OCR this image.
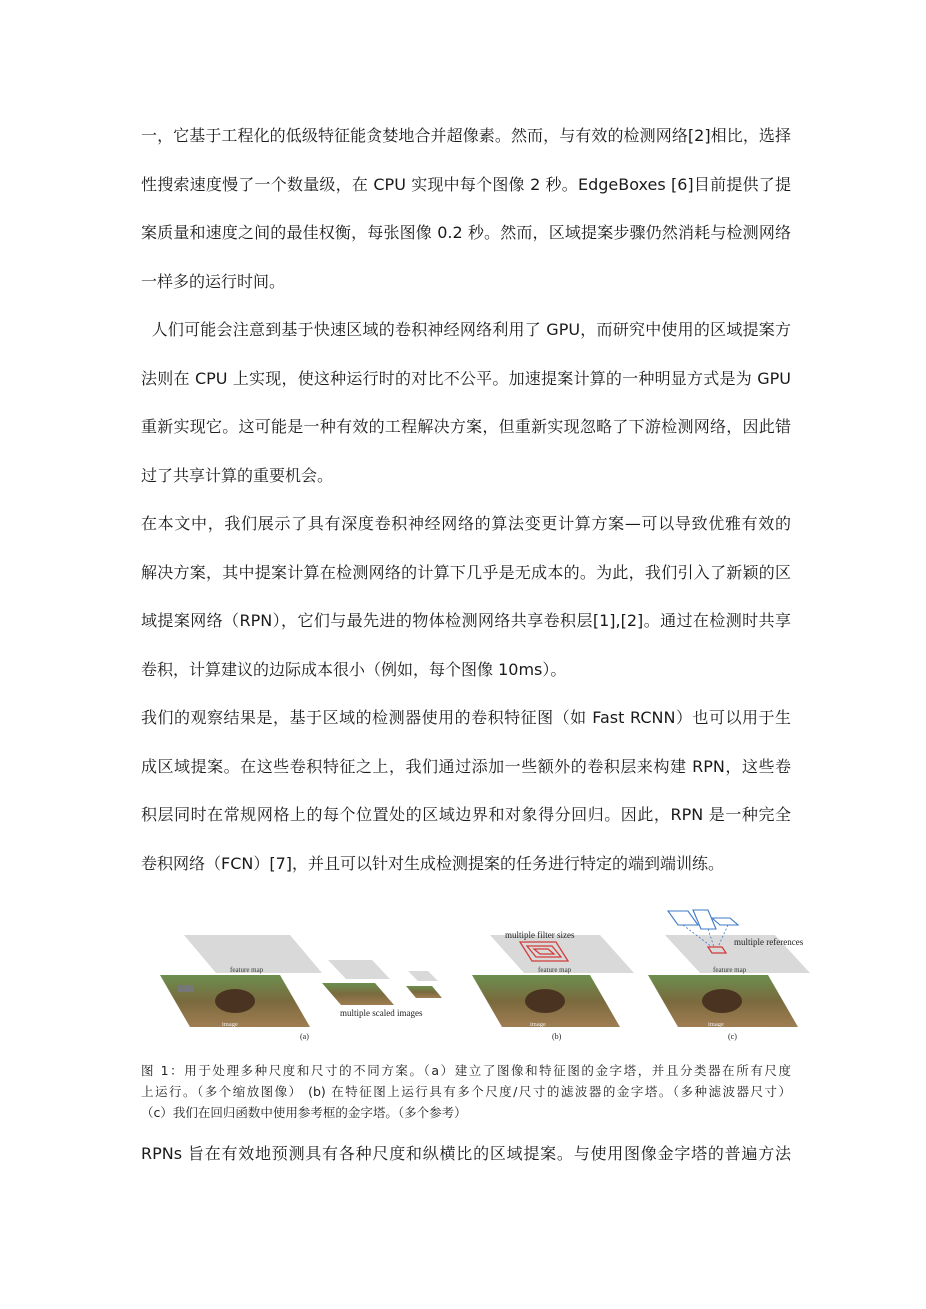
一，它基于工程化的低级特征能贪婪地合并超像素。然而，与有效的检测网络[2]相比，选择
性搜索速度慢了一个数量级，在 CPU 实现中每个图像 2 秒。EdgeBoxes [6]目前提供了提
案质量和速度之间的最佳权衡，每张图像 0.2 秒。然而，区域提案步骤仍然消耗与检测网络
一样多的运行时间。
人们可能会注意到基于快速区域的卷积神经网络利用了 GPU，而研究中使用的区域提案方
法则在 CPU 上实现，使这种运行时的对比不公平。加速提案计算的一种明显方式是为 GPU
重新实现它。这可能是一种有效的工程解决方案，但重新实现忽略了下游检测网络，因此错
过了共享计算的重要机会。
在本文中，我们展示了具有深度卷积神经网络的算法变更计算方案—可以导致优雅有效的
解决方案，其中提案计算在检测网络的计算下几乎是无成本的。为此，我们引入了新颖的区
域提案网络（RPN），它们与最先进的物体检测网络共享卷积层[1],[2]。通过在检测时共享
卷积，计算建议的边际成本很小（例如，每个图像 10ms）。
我们的观察结果是，基于区域的检测器使用的卷积特征图（如 Fast RCNN）也可以用于生
成区域提案。在这些卷积特征之上，我们通过添加一些额外的卷积层来构建 RPN，这些卷
积层同时在常规网格上的每个位置处的区域边界和对象得分回归。因此，RPN 是一种完全
卷积网络（FCN）[7]，并且可以针对生成检测提案的任务进行特定的端到端训练。
feature map
image
multiple scaled images
(a)
multiple filter sizes
feature map
image
(b)
multiple references
feature map
image
(c)
图 1：用于处理多种尺度和尺寸的不同方案。（a）建立了图像和特征图的金字塔，并且分类器在所有尺度
上运行。（多个缩放图像） (b) 在特征图上运行具有多个尺度/尺寸的滤波器的金字塔。（多种滤波器尺寸）
（c）我们在回归函数中使用参考框的金字塔。（多个参考）
RPNs 旨在有效地预测具有各种尺度和纵横比的区域提案。与使用图像金字塔的普遍方法
